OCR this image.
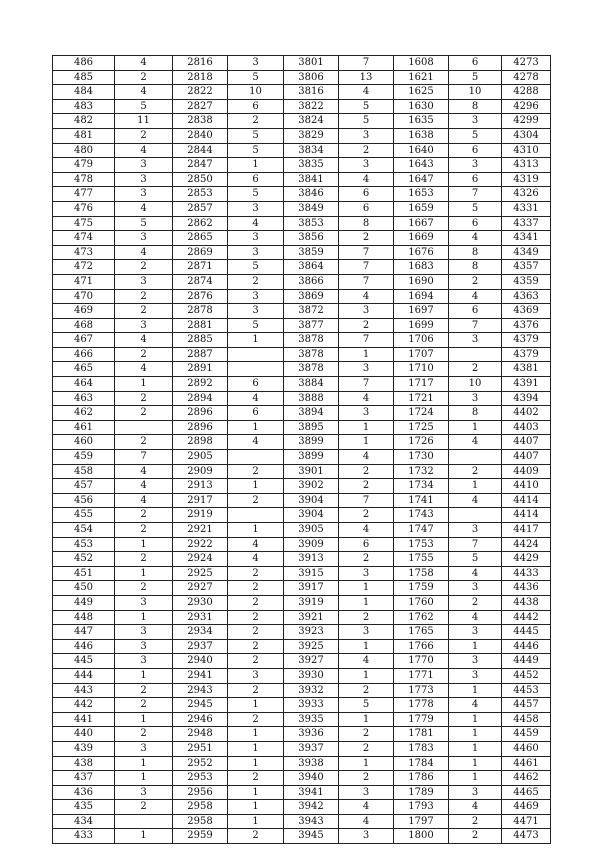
486	4	2816	3	3801	7	1608	6	4273
485	2	2818	5	3806	13	1621	5	4278
484	4	2822	10	3816	4	1625	10	4288
483	5	2827	6	3822	5	1630	8	4296
482	11	2838	2	3824	5	1635	3	4299
481	2	2840	5	3829	3	1638	5	4304
480	4	2844	5	3834	2	1640	6	4310
479	3	2847	1	3835	3	1643	3	4313
478	3	2850	6	3841	4	1647	6	4319
477	3	2853	5	3846	6	1653	7	4326
476	4	2857	3	3849	6	1659	5	4331
475	5	2862	4	3853	8	1667	6	4337
474	3	2865	3	3856	2	1669	4	4341
473	4	2869	3	3859	7	1676	8	4349
472	2	2871	5	3864	7	1683	8	4357
471	3	2874	2	3866	7	1690	2	4359
470	2	2876	3	3869	4	1694	4	4363
469	2	2878	3	3872	3	1697	6	4369
468	3	2881	5	3877	2	1699	7	4376
467	4	2885	1	3878	7	1706	3	4379
466	2	2887		3878	1	1707		4379
465	4	2891		3878	3	1710	2	4381
464	1	2892	6	3884	7	1717	10	4391
463	2	2894	4	3888	4	1721	3	4394
462	2	2896	6	3894	3	1724	8	4402
461		2896	1	3895	1	1725	1	4403
460	2	2898	4	3899	1	1726	4	4407
459	7	2905		3899	4	1730		4407
458	4	2909	2	3901	2	1732	2	4409
457	4	2913	1	3902	2	1734	1	4410
456	4	2917	2	3904	7	1741	4	4414
455	2	2919		3904	2	1743		4414
454	2	2921	1	3905	4	1747	3	4417
453	1	2922	4	3909	6	1753	7	4424
452	2	2924	4	3913	2	1755	5	4429
451	1	2925	2	3915	3	1758	4	4433
450	2	2927	2	3917	1	1759	3	4436
449	3	2930	2	3919	1	1760	2	4438
448	1	2931	2	3921	2	1762	4	4442
447	3	2934	2	3923	3	1765	3	4445
446	3	2937	2	3925	1	1766	1	4446
445	3	2940	2	3927	4	1770	3	4449
444	1	2941	3	3930	1	1771	3	4452
443	2	2943	2	3932	2	1773	1	4453
442	2	2945	1	3933	5	1778	4	4457
441	1	2946	2	3935	1	1779	1	4458
440	2	2948	1	3936	2	1781	1	4459
439	3	2951	1	3937	2	1783	1	4460
438	1	2952	1	3938	1	1784	1	4461
437	1	2953	2	3940	2	1786	1	4462
436	3	2956	1	3941	3	1789	3	4465
435	2	2958	1	3942	4	1793	4	4469
434		2958	1	3943	4	1797	2	4471
433	1	2959	2	3945	3	1800	2	4473
